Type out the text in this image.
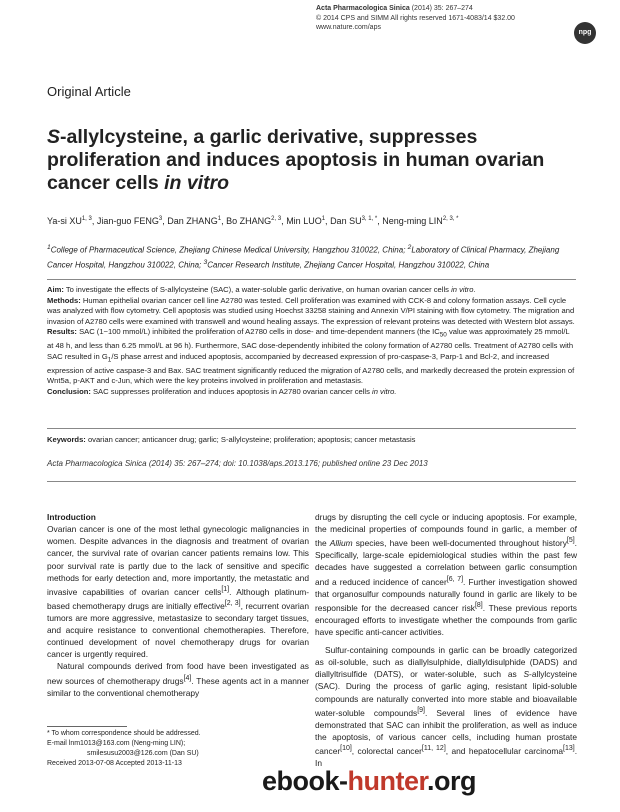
Acta Pharmacologica Sinica (2014) 35: 267–274
© 2014 CPS and SIMM All rights reserved 1671-4083/14 $32.00
www.nature.com/aps
npg
Original Article
S-allylcysteine, a garlic derivative, suppresses proliferation and induces apoptosis in human ovarian cancer cells in vitro
Ya-si XU$^{1, 3}$, Jian-guo FENG$^3$, Dan ZHANG$^1$, Bo ZHANG$^{2, 3}$, Min LUO$^1$, Dan $SU^{3, 1, *}$, Neng-ming $LIN^{2, 3, *}$
$^1$College of Pharmaceutical Science, Zhejiang Chinese Medical University, Hangzhou 310022, China; $^2$Laboratory of Clinical Pharmacy, Zhejiang Cancer Hospital, Hangzhou 310022, China; $^3$Cancer Research Institute, Zhejiang Cancer Hospital, Hangzhou 310022, China

Aim: To investigate the effects of S-allylcysteine (SAC), a water-soluble garlic derivative, on human ovarian cancer cells in vitro.

Methods: Human epithelial ovarian cancer cell line A2780 was tested. Cell proliferation was examined with CCK-8 and colony formation assays. Cell cycle was analyzed with flow cytometry. Cell apoptosis was studied using Hoechst 33258 staining and Annexin V/PI staining with flow cytometry. The migration and invasion of A2780 cells were examined with transwell and wound healing assays. The expression of relevant proteins was detected with Western blot assays.

Results: SAC (1−100 mmol/L) inhibited the proliferation of A2780 cells in dose- and time-dependent manners (the $IC_{50}$ value was approximately 25 mmol/L at 48 h, and less than 6.25 mmol/L at 96 h). Furthermore, SAC dose-dependently inhibited the colony formation of A2780 cells. Treatment of A2780 cells with SAC resulted in $G_1/S$ phase arrest and induced apoptosis, accompanied by decreased expression of pro-caspase-3, Parp-1 and Bcl-2, and increased expression of active caspase-3 and Bax. SAC treatment significantly reduced the migration of A2780 cells, and markedly decreased the protein expression of Wnt5a, p-AKT and c-Jun, which were the key proteins involved in proliferation and metastasis.

Conclusion: SAC suppresses proliferation and induces apoptosis in A2780 ovarian cancer cells in vitro.

Keywords: ovarian cancer; anticancer drug; garlic; S-allylcysteine; proliferation; apoptosis; cancer metastasis
Acta Pharmacologica Sinica (2014) 35: 267–274; doi: 10.1038/aps.2013.176; published online 23 Dec 2013

Introduction

Ovarian cancer is one of the most lethal gynecologic malignancies in women. Despite advances in the diagnosis and treatment of ovarian cancer, the survival rate of ovarian cancer patients remains low. This poor survival rate is partly due to the lack of sensitive and specific methods for early detection and, more importantly, the metastatic and invasive capabilities of ovarian cancer cells[1]. Although platinum-based chemotherapy drugs are initially effective[2, 3], recurrent ovarian tumors are more aggressive, metastasize to secondary target tissues, and acquire resistance to conventional chemotherapies. Therefore, continued development of novel chemotherapy drugs for ovarian cancer is urgently required.

Natural compounds derived from food have been investigated as new sources of chemotherapy drugs[4]. These agents act in a manner similar to the conventional chemotherapy

* To whom correspondence should be addressed.
E-mail lnm1013@163.com (Neng-ming LIN);
smilesusu2003@126.com (Dan SU)
Received 2013-07-08 Accepted 2013-11-13

drugs by disrupting the cell cycle or inducing apoptosis. For example, the medicinal properties of compounds found in garlic, a member of the Allium species, have been well-documented throughout history[5]. Specifically, large-scale epidemiological studies within the past few decades have suggested a correlation between garlic consumption and a reduced incidence of cancer[6, 7]. Further investigation showed that organosulfur compounds naturally found in garlic are likely to be responsible for the decreased cancer risk[8]. These previous reports encouraged efforts to investigate whether the compounds from garlic have specific anti-cancer activities.

Sulfur-containing compounds in garlic can be broadly categorized as oil-soluble, such as diallylsulphide, diallyldisulphide (DADS) and diallyltrisulfide (DATS), or water-soluble, such as S-allylcysteine (SAC). During the process of garlic aging, resistant lipid-soluble compounds are naturally converted into more stable and bioavailable water-soluble compounds[9]. Several lines of evidence have demonstrated that SAC can inhibit the proliferation, as well as induce the apoptosis, of various cancer cells, including human prostate cancer[10], colorectal cancer[11, 12], and hepatocellular carcinoma[13]. In

ebook-hunter.org
